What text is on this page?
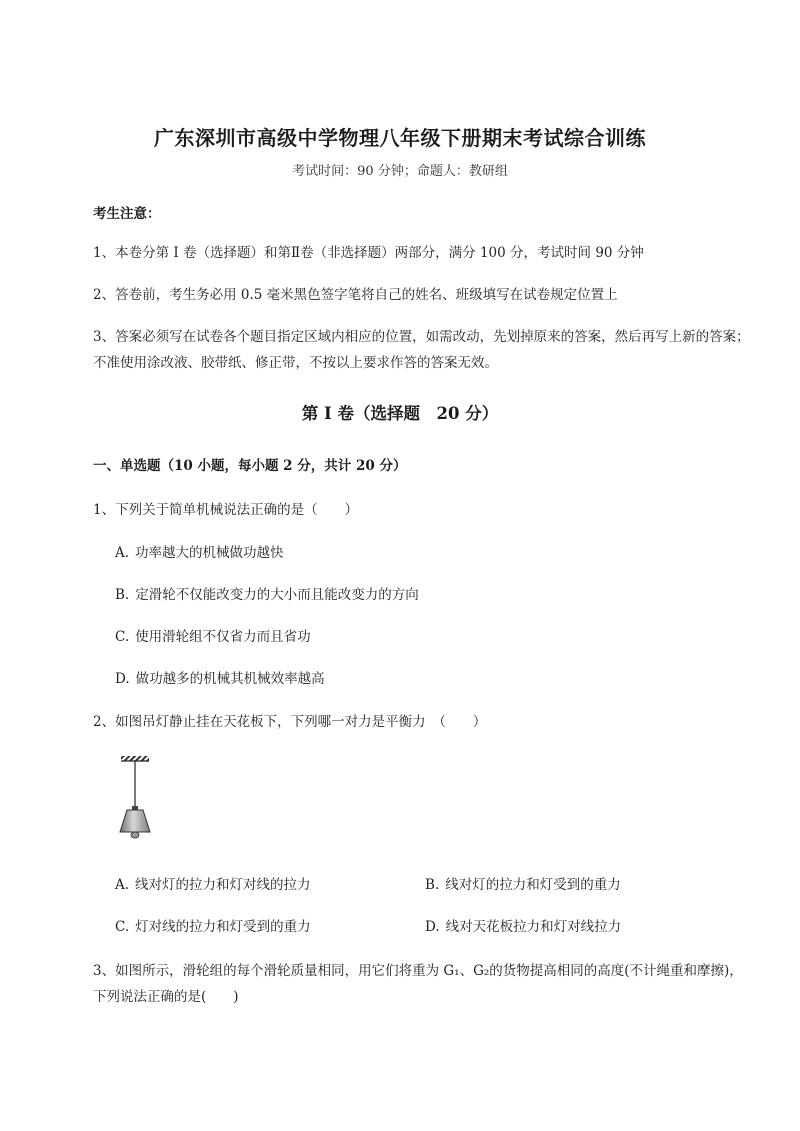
广东深圳市高级中学物理八年级下册期末考试综合训练
考试时间：90 分钟；命题人：教研组
考生注意：
1、本卷分第 I 卷（选择题）和第Ⅱ卷（非选择题）两部分，满分 100 分，考试时间 90 分钟
2、答卷前，考生务必用 0.5 毫米黑色签字笔将自己的姓名、班级填写在试卷规定位置上
3、答案必须写在试卷各个题目指定区域内相应的位置，如需改动，先划掉原来的答案，然后再写上新的答案；不准使用涂改液、胶带纸、修正带，不按以上要求作答的答案无效。
第 I 卷（选择题　20 分）
一、单选题（10 小题，每小题 2 分，共计 20 分）
1、下列关于简单机械说法正确的是（　　）
A. 功率越大的机械做功越快
B. 定滑轮不仅能改变力的大小而且能改变力的方向
C. 使用滑轮组不仅省力而且省功
D. 做功越多的机械其机械效率越高
2、如图吊灯静止挂在天花板下，下列哪一对力是平衡力　（　　）
A. 线对灯的拉力和灯对线的拉力	B. 线对灯的拉力和灯受到的重力
C. 灯对线的拉力和灯受到的重力	D. 线对天花板拉力和灯对线拉力
3、如图所示，滑轮组的每个滑轮质量相同，用它们将重为 G₁、G₂的货物提高相同的高度(不计绳重和摩擦)，下列说法正确的是(　　)
